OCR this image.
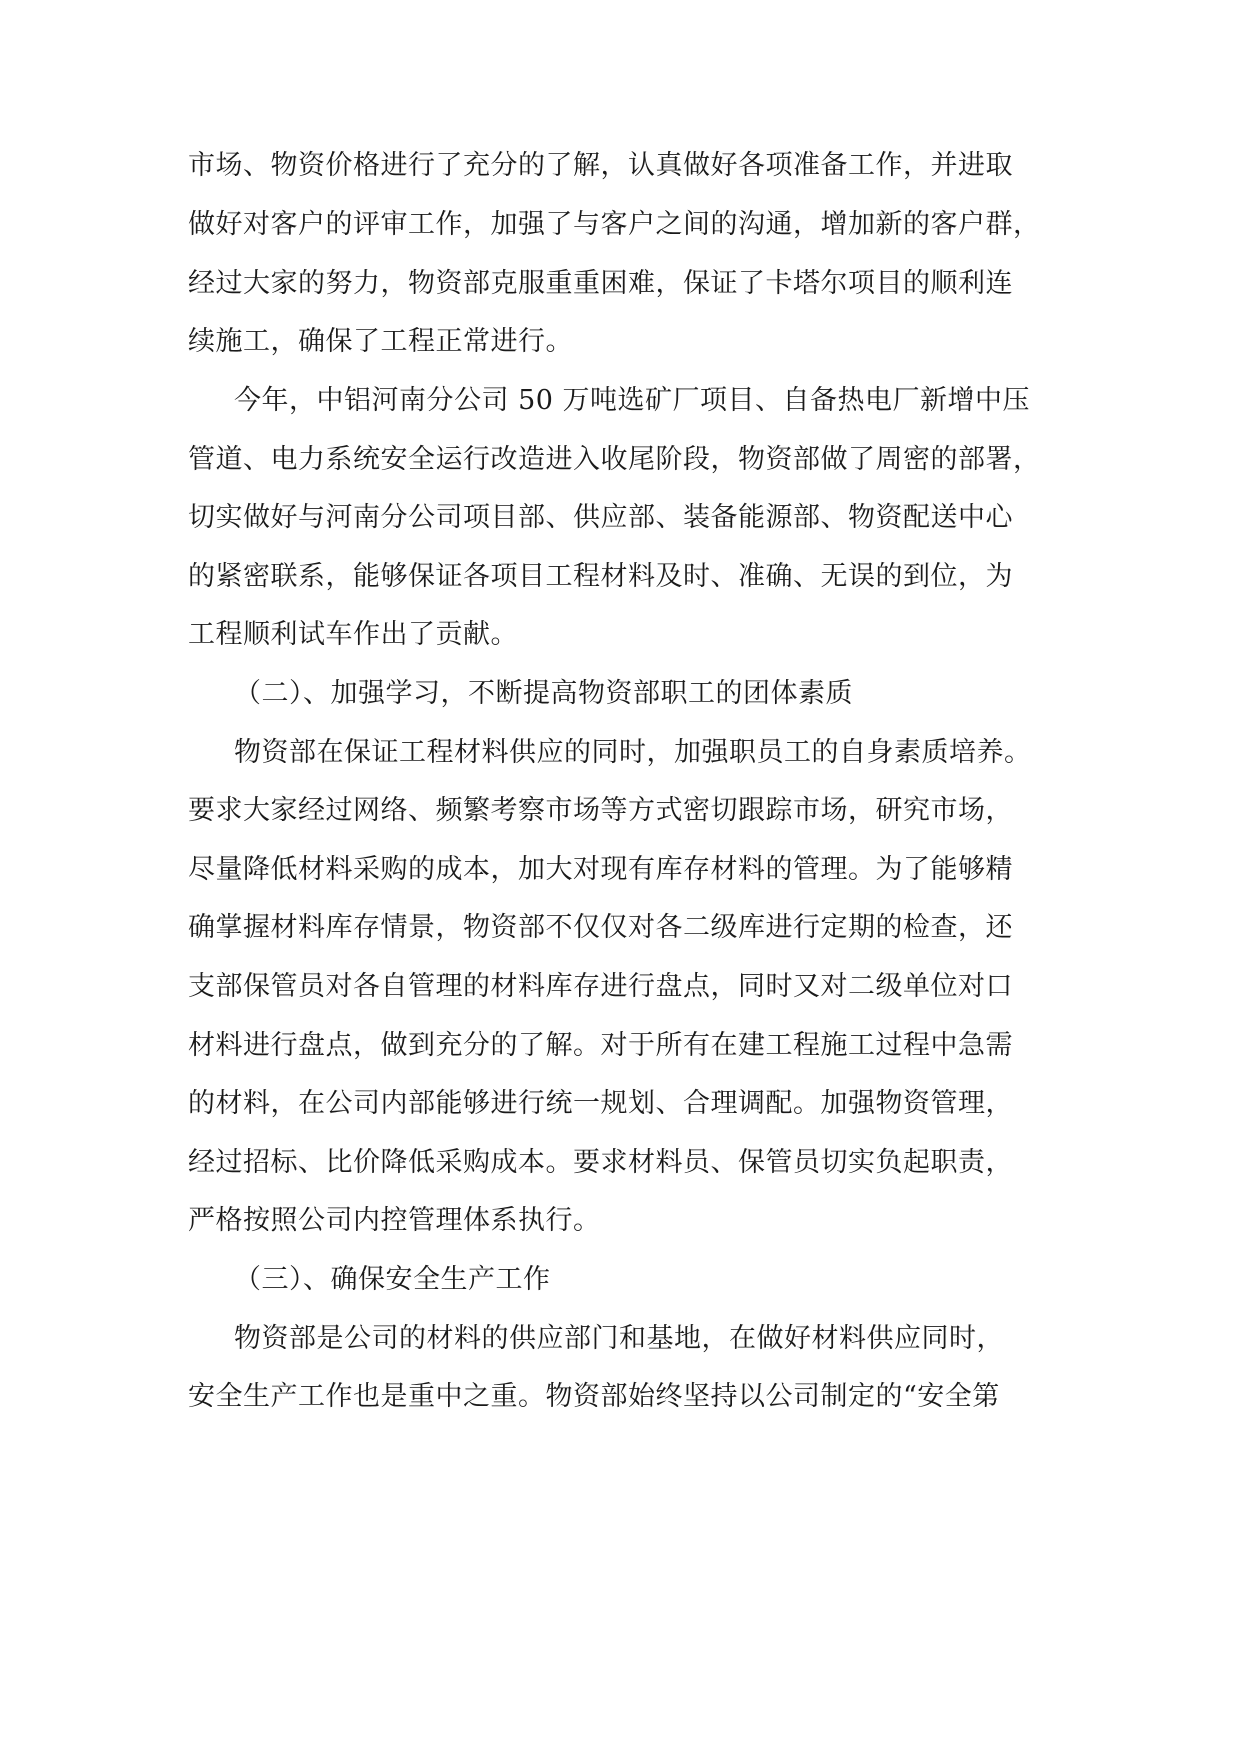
市场、物资价格进行了充分的了解，认真做好各项准备工作，并进取
做好对客户的评审工作，加强了与客户之间的沟通，增加新的客户群，
经过大家的努力，物资部克服重重困难，保证了卡塔尔项目的顺利连
续施工，确保了工程正常进行。
今年，中铝河南分公司 50 万吨选矿厂项目、自备热电厂新增中压
管道、电力系统安全运行改造进入收尾阶段，物资部做了周密的部署，
切实做好与河南分公司项目部、供应部、装备能源部、物资配送中心
的紧密联系，能够保证各项目工程材料及时、准确、无误的到位，为
工程顺利试车作出了贡献。
（二）、加强学习，不断提高物资部职工的团体素质
物资部在保证工程材料供应的同时，加强职员工的自身素质培养。
要求大家经过网络、频繁考察市场等方式密切跟踪市场，研究市场，
尽量降低材料采购的成本，加大对现有库存材料的管理。为了能够精
确掌握材料库存情景，物资部不仅仅对各二级库进行定期的检查，还
支部保管员对各自管理的材料库存进行盘点，同时又对二级单位对口
材料进行盘点，做到充分的了解。对于所有在建工程施工过程中急需
的材料，在公司内部能够进行统一规划、合理调配。加强物资管理，
经过招标、比价降低采购成本。要求材料员、保管员切实负起职责，
严格按照公司内控管理体系执行。
（三）、确保安全生产工作
物资部是公司的材料的供应部门和基地，在做好材料供应同时，
安全生产工作也是重中之重。物资部始终坚持以公司制定的“安全第
